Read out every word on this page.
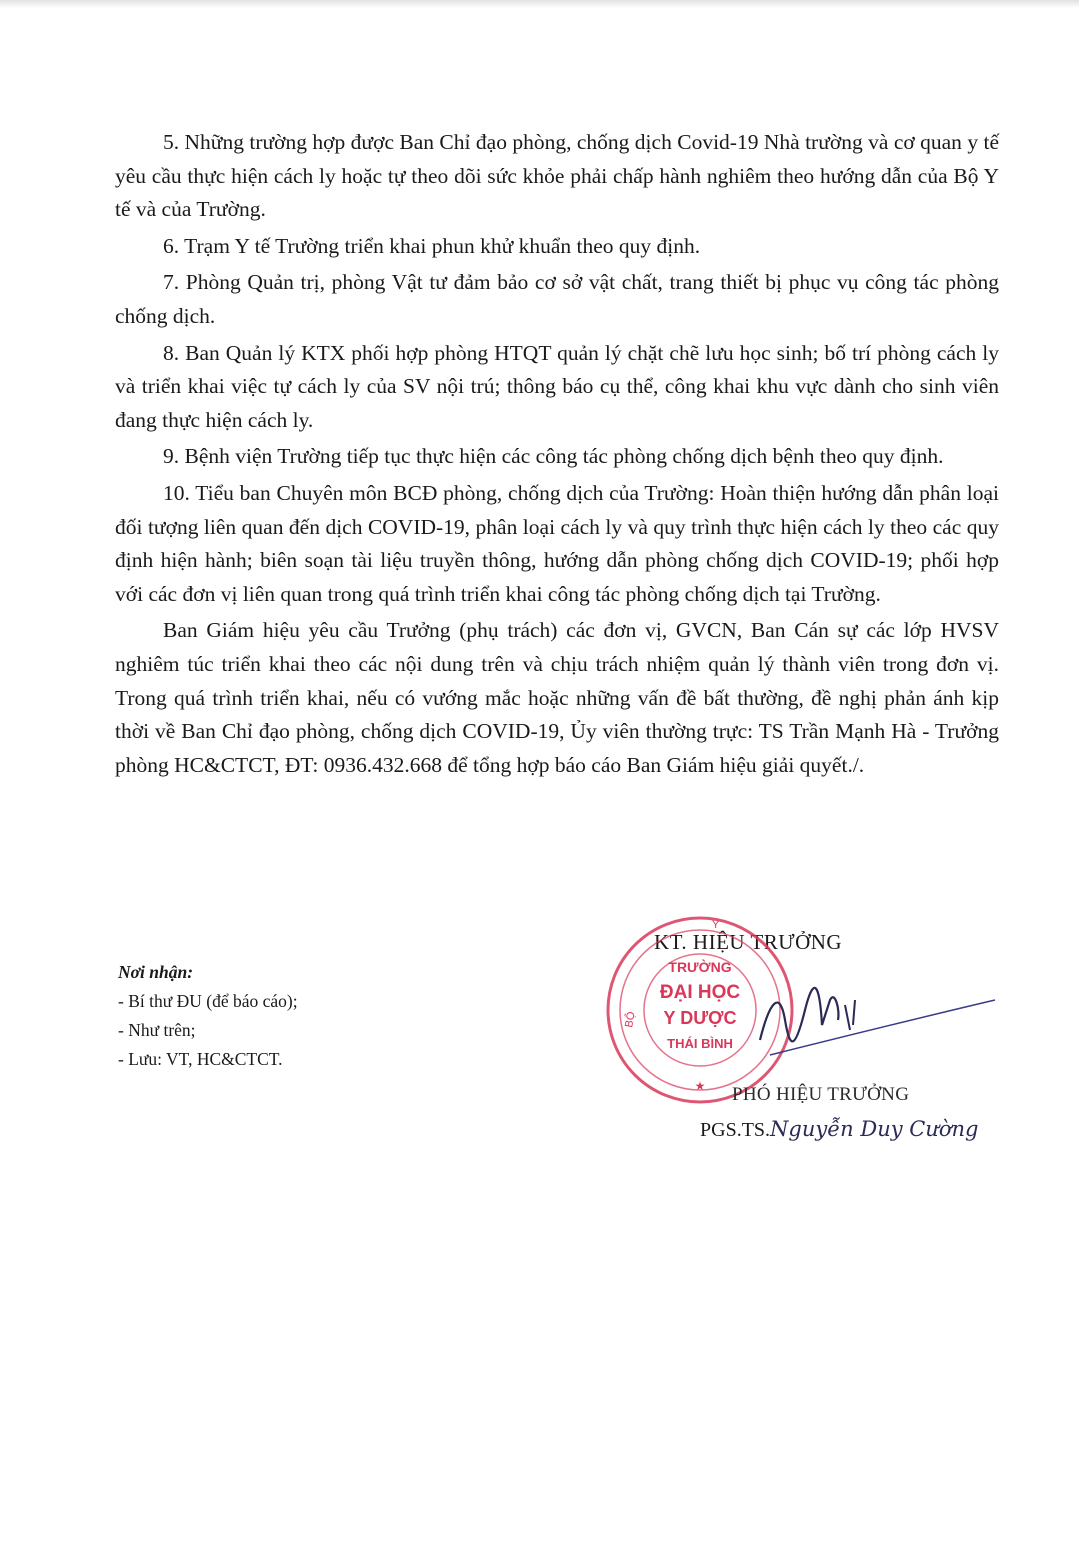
5. Những trường hợp được Ban Chỉ đạo phòng, chống dịch Covid-19 Nhà trường và cơ quan y tế yêu cầu thực hiện cách ly hoặc tự theo dõi sức khỏe phải chấp hành nghiêm theo hướng dẫn của Bộ Y tế và của Trường.

6. Trạm Y tế Trường triển khai phun khử khuẩn theo quy định.

7. Phòng Quản trị, phòng Vật tư đảm bảo cơ sở vật chất, trang thiết bị phục vụ công tác phòng chống dịch.

8. Ban Quản lý KTX phối hợp phòng HTQT quản lý chặt chẽ lưu học sinh; bố trí phòng cách ly và triển khai việc tự cách ly của SV nội trú; thông báo cụ thể, công khai khu vực dành cho sinh viên đang thực hiện cách ly.

9. Bệnh viện Trường tiếp tục thực hiện các công tác phòng chống dịch bệnh theo quy định.

10. Tiểu ban Chuyên môn BCĐ phòng, chống dịch của Trường: Hoàn thiện hướng dẫn phân loại đối tượng liên quan đến dịch COVID-19, phân loại cách ly và quy trình thực hiện cách ly theo các quy định hiện hành; biên soạn tài liệu truyền thông, hướng dẫn phòng chống dịch COVID-19; phối hợp với các đơn vị liên quan trong quá trình triển khai công tác phòng chống dịch tại Trường.

Ban Giám hiệu yêu cầu Trưởng (phụ trách) các đơn vị, GVCN, Ban Cán sự các lớp HVSV nghiêm túc triển khai theo các nội dung trên và chịu trách nhiệm quản lý thành viên trong đơn vị. Trong quá trình triển khai, nếu có vướng mắc hoặc những vấn đề bất thường, đề nghị phản ánh kịp thời về Ban Chỉ đạo phòng, chống dịch COVID-19, Ủy viên thường trực: TS Trần Mạnh Hà - Trưởng phòng HC&CTCT, ĐT: 0936.432.668 để tổng hợp báo cáo Ban Giám hiệu giải quyết./.

Nơi nhận:
- Bí thư ĐU (để báo cáo);
- Như trên;
- Lưu: VT, HC&CTCT.
KT. HIỆU TRƯỞNG
TRƯỜNG
ĐẠI HỌC
Y DƯỢC
THÁI BÌNH
BỘ
Y
★ PHÓ HIỆU TRƯỞNG
PGS.TS.Nguyễn Duy Cường
